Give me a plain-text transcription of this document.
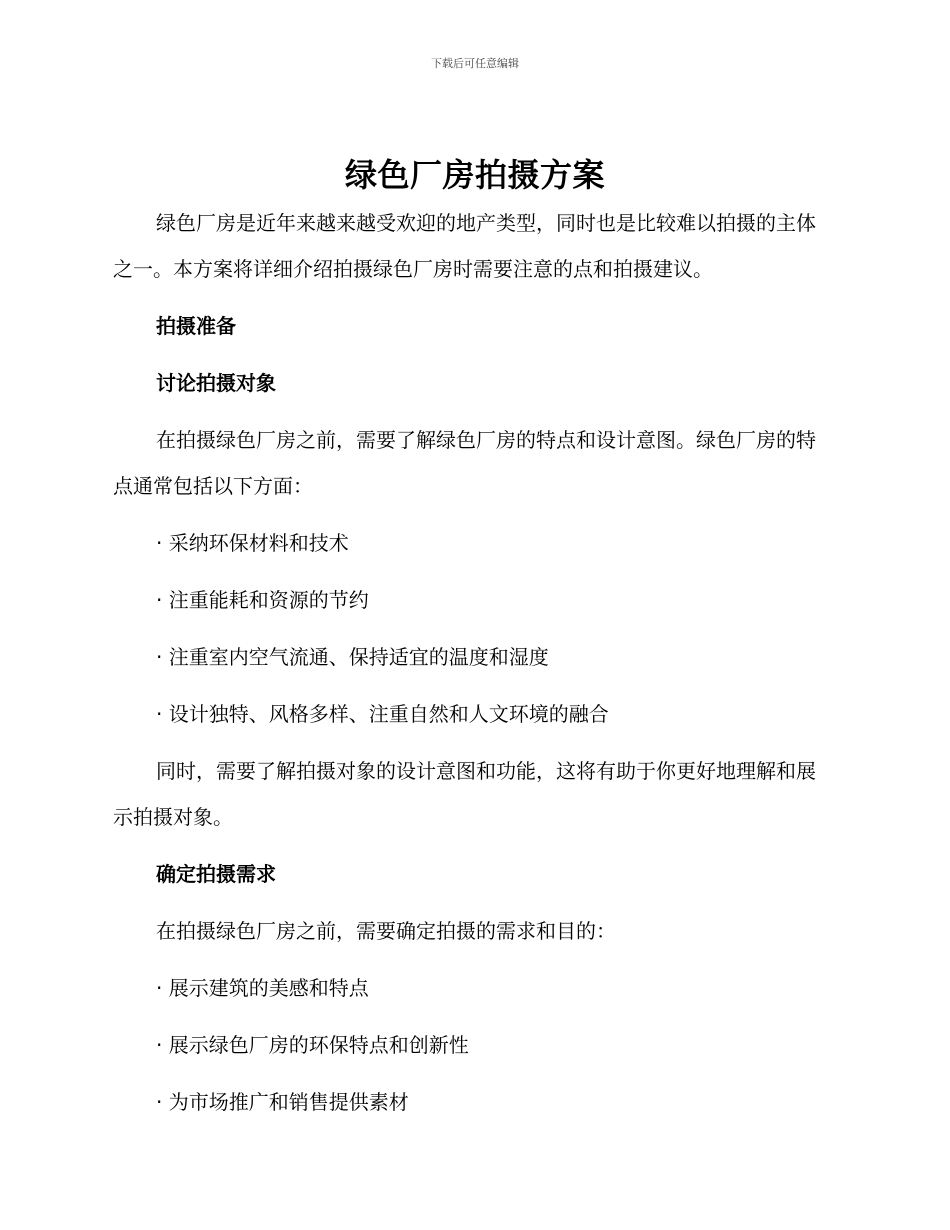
下载后可任意编辑
绿色厂房拍摄方案

绿色厂房是近年来越来越受欢迎的地产类型，同时也是比较难以拍摄的主体之一。本方案将详细介绍拍摄绿色厂房时需要注意的点和拍摄建议。

拍摄准备

讨论拍摄对象

在拍摄绿色厂房之前，需要了解绿色厂房的特点和设计意图。绿色厂房的特点通常包括以下方面：

· 采纳环保材料和技术

· 注重能耗和资源的节约

· 注重室内空气流通、保持适宜的温度和湿度

· 设计独特、风格多样、注重自然和人文环境的融合

同时，需要了解拍摄对象的设计意图和功能，这将有助于你更好地理解和展示拍摄对象。

确定拍摄需求

在拍摄绿色厂房之前，需要确定拍摄的需求和目的：

· 展示建筑的美感和特点

· 展示绿色厂房的环保特点和创新性

· 为市场推广和销售提供素材
